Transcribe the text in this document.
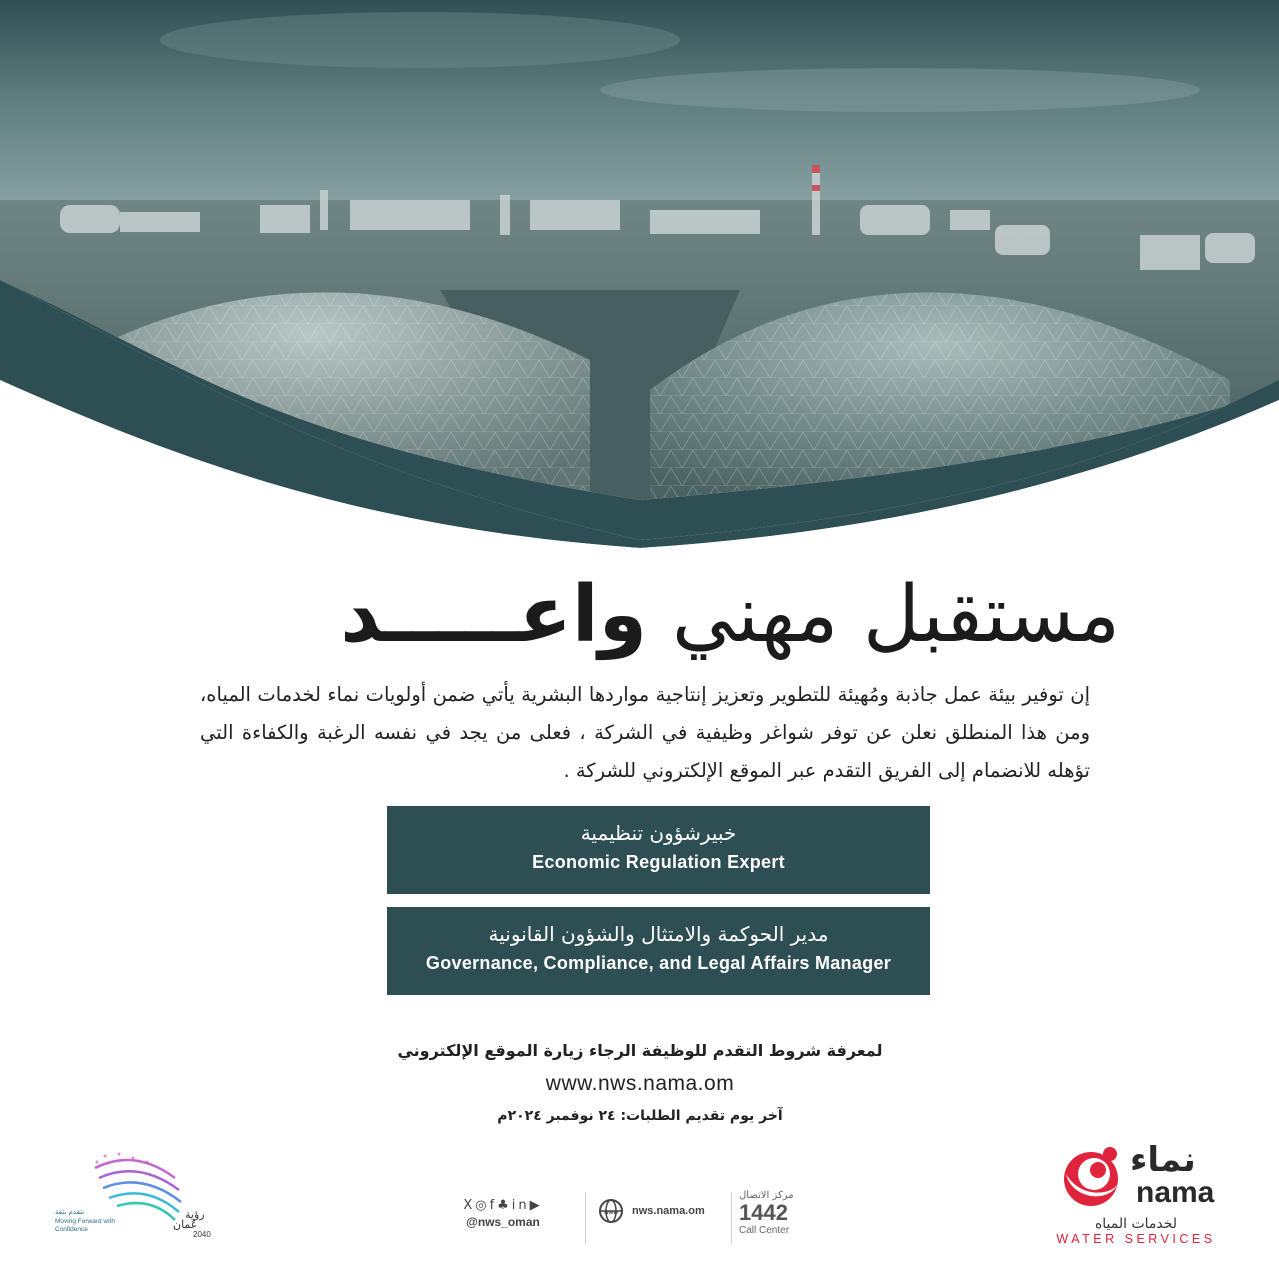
مستقبل مهني واعـــــد
إن توفير بيئة عمل جاذبة ومُهيئة للتطوير وتعزيز إنتاجية مواردها البشرية يأتي ضمن أولويات نماء لخدمات المياه، ومن هذا المنطلق نعلن عن توفر شواغر وظيفية في الشركة ، فعلى من يجد في نفسه الرغبة والكفاءة التي تؤهله للانضمام إلى الفريق التقدم عبر الموقع الإلكتروني للشركة .
خبيرشؤون تنظيمية
Economic Regulation Expert
مدير الحوكمة والامتثال والشؤون القانونية
Governance, Compliance, and Legal Affairs Manager
لمعرفة شروط التقدم للوظيفة الرجاء زيارة الموقع الإلكتروني
www.nws.nama.om
آخر يوم تقديم الطلبات: ٢٤ نوفمبر ٢٠٢٤م
X◎f♣in▶
@nws_oman
www nws.nama.om
مركز الاتصال
1442
Call Center
نماء
nama
لخدمات المياه
WATER SERVICES
رؤية
عُمان
2040
نتقدم بثقة
Moving Forward with Confidence
